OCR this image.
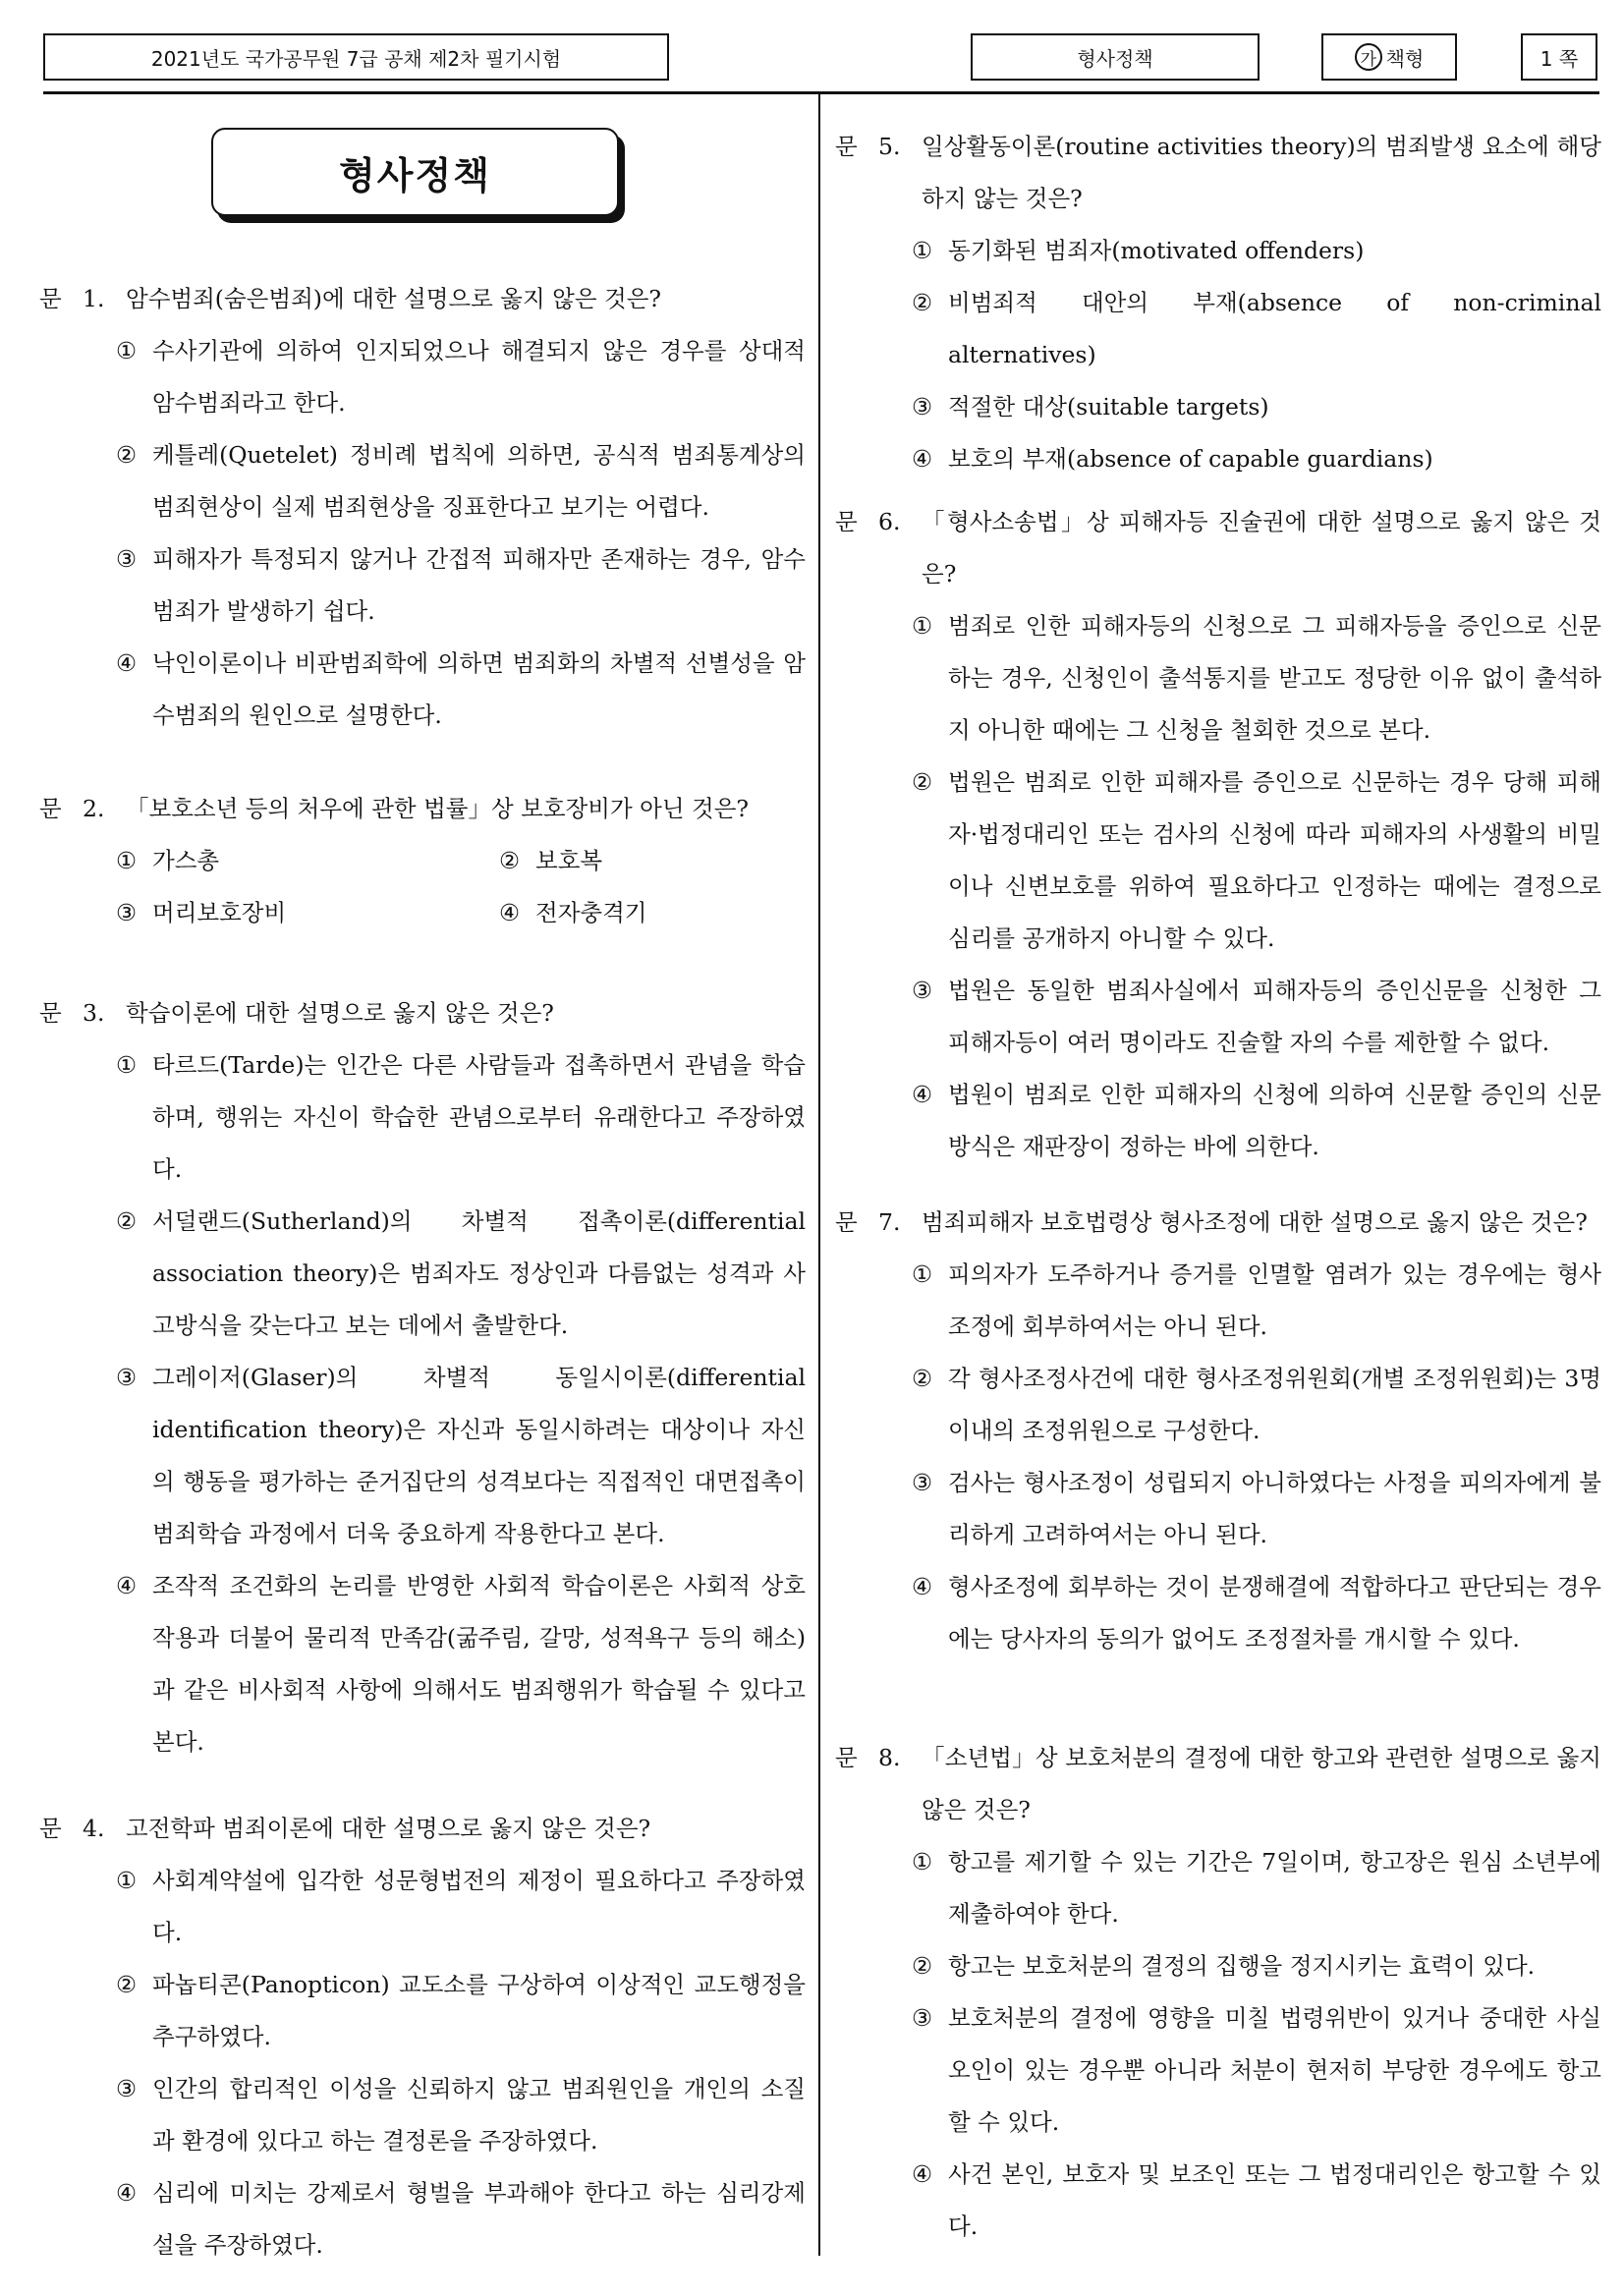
2021년도 국가공무원 7급 공채 제2차 필기시험	형사정책	가 책형	1 쪽
형사정책
문 1. 암수범죄(숨은범죄)에 대한 설명으로 옳지 않은 것은?
① 수사기관에 의하여 인지되었으나 해결되지 않은 경우를 상대적 암수범죄라고 한다.
② 케틀레(Quetelet) 정비례 법칙에 의하면, 공식적 범죄통계상의 범죄현상이 실제 범죄현상을 징표한다고 보기는 어렵다.
③ 피해자가 특정되지 않거나 간접적 피해자만 존재하는 경우, 암수범죄가 발생하기 쉽다.
④ 낙인이론이나 비판범죄학에 의하면 범죄화의 차별적 선별성을 암수범죄의 원인으로 설명한다.
문 2. 「보호소년 등의 처우에 관한 법률」상 보호장비가 아닌 것은?
① 가스총	② 보호복
③ 머리보호장비	④ 전자충격기
문 3. 학습이론에 대한 설명으로 옳지 않은 것은?
① 타르드(Tarde)는 인간은 다른 사람들과 접촉하면서 관념을 학습하며, 행위는 자신이 학습한 관념으로부터 유래한다고 주장하였다.
② 서덜랜드(Sutherland)의 차별적 접촉이론(differential association theory)은 범죄자도 정상인과 다름없는 성격과 사고방식을 갖는다고 보는 데에서 출발한다.
③ 그레이저(Glaser)의 차별적 동일시이론(differential identification theory)은 자신과 동일시하려는 대상이나 자신의 행동을 평가하는 준거집단의 성격보다는 직접적인 대면접촉이 범죄학습 과정에서 더욱 중요하게 작용한다고 본다.
④ 조작적 조건화의 논리를 반영한 사회적 학습이론은 사회적 상호작용과 더불어 물리적 만족감(굶주림, 갈망, 성적욕구 등의 해소)과 같은 비사회적 사항에 의해서도 범죄행위가 학습될 수 있다고 본다.
문 4. 고전학파 범죄이론에 대한 설명으로 옳지 않은 것은?
① 사회계약설에 입각한 성문형법전의 제정이 필요하다고 주장하였다.
② 파놉티콘(Panopticon) 교도소를 구상하여 이상적인 교도행정을 추구하였다.
③ 인간의 합리적인 이성을 신뢰하지 않고 범죄원인을 개인의 소질과 환경에 있다고 하는 결정론을 주장하였다.
④ 심리에 미치는 강제로서 형벌을 부과해야 한다고 하는 심리강제설을 주장하였다.
문 5. 일상활동이론(routine activities theory)의 범죄발생 요소에 해당하지 않는 것은?
① 동기화된 범죄자(motivated offenders)
② 비범죄적 대안의 부재(absence of non-criminal alternatives)
③ 적절한 대상(suitable targets)
④ 보호의 부재(absence of capable guardians)
문 6. 「형사소송법」상 피해자등 진술권에 대한 설명으로 옳지 않은 것은?
① 범죄로 인한 피해자등의 신청으로 그 피해자등을 증인으로 신문하는 경우, 신청인이 출석통지를 받고도 정당한 이유 없이 출석하지 아니한 때에는 그 신청을 철회한 것으로 본다.
② 법원은 범죄로 인한 피해자를 증인으로 신문하는 경우 당해 피해자·법정대리인 또는 검사의 신청에 따라 피해자의 사생활의 비밀이나 신변보호를 위하여 필요하다고 인정하는 때에는 결정으로 심리를 공개하지 아니할 수 있다.
③ 법원은 동일한 범죄사실에서 피해자등의 증인신문을 신청한 그 피해자등이 여러 명이라도 진술할 자의 수를 제한할 수 없다.
④ 법원이 범죄로 인한 피해자의 신청에 의하여 신문할 증인의 신문방식은 재판장이 정하는 바에 의한다.
문 7. 범죄피해자 보호법령상 형사조정에 대한 설명으로 옳지 않은 것은?
① 피의자가 도주하거나 증거를 인멸할 염려가 있는 경우에는 형사조정에 회부하여서는 아니 된다.
② 각 형사조정사건에 대한 형사조정위원회(개별 조정위원회)는 3명 이내의 조정위원으로 구성한다.
③ 검사는 형사조정이 성립되지 아니하였다는 사정을 피의자에게 불리하게 고려하여서는 아니 된다.
④ 형사조정에 회부하는 것이 분쟁해결에 적합하다고 판단되는 경우에는 당사자의 동의가 없어도 조정절차를 개시할 수 있다.
문 8. 「소년법」상 보호처분의 결정에 대한 항고와 관련한 설명으로 옳지 않은 것은?
① 항고를 제기할 수 있는 기간은 7일이며, 항고장은 원심 소년부에 제출하여야 한다.
② 항고는 보호처분의 결정의 집행을 정지시키는 효력이 있다.
③ 보호처분의 결정에 영향을 미칠 법령위반이 있거나 중대한 사실오인이 있는 경우뿐 아니라 처분이 현저히 부당한 경우에도 항고할 수 있다.
④ 사건 본인, 보호자 및 보조인 또는 그 법정대리인은 항고할 수 있다.
